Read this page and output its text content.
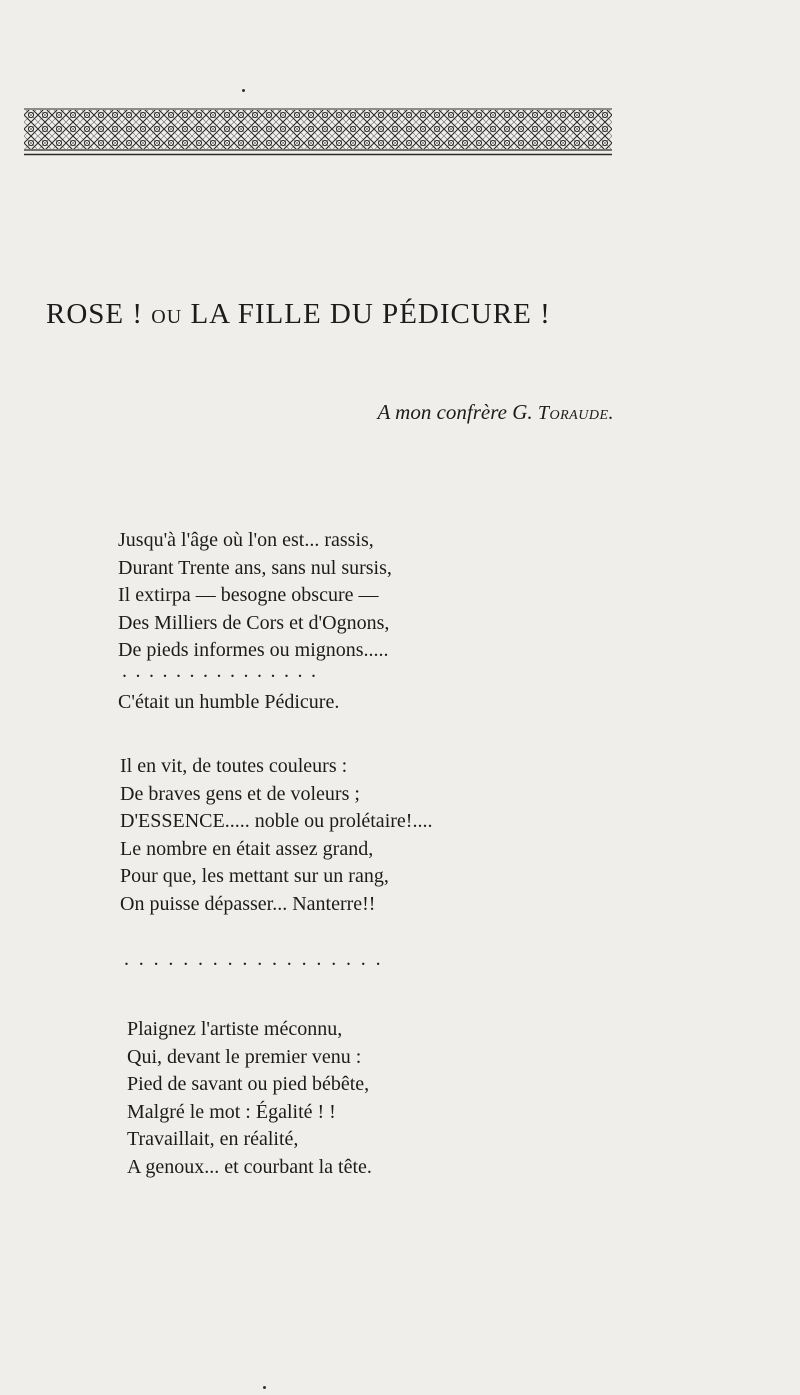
ROSE ! OU LA FILLE DU PÉDICURE !
A mon confrère G. Toraude.
Jusqu'à l'âge où l'on est... rassis,
Durant Trente ans, sans nul sursis,
Il extirpa — besogne obscure —
Des Milliers de Cors et d'Ognons,
De pieds informes ou mignons.....
...............
C'était un humble Pédicure.
Il en vit, de toutes couleurs :
De braves gens et de voleurs ;
D'ESSENCE..... noble ou prolétaire!....
Le nombre en était assez grand,
Pour que, les mettant sur un rang,
On puisse dépasser... Nanterre!!
..................
Plaignez l'artiste méconnu,
Qui, devant le premier venu :
Pied de savant ou pied bébête,
Malgré le mot : Égalité ! !
Travaillait, en réalité,
A genoux... et courbant la tête.
